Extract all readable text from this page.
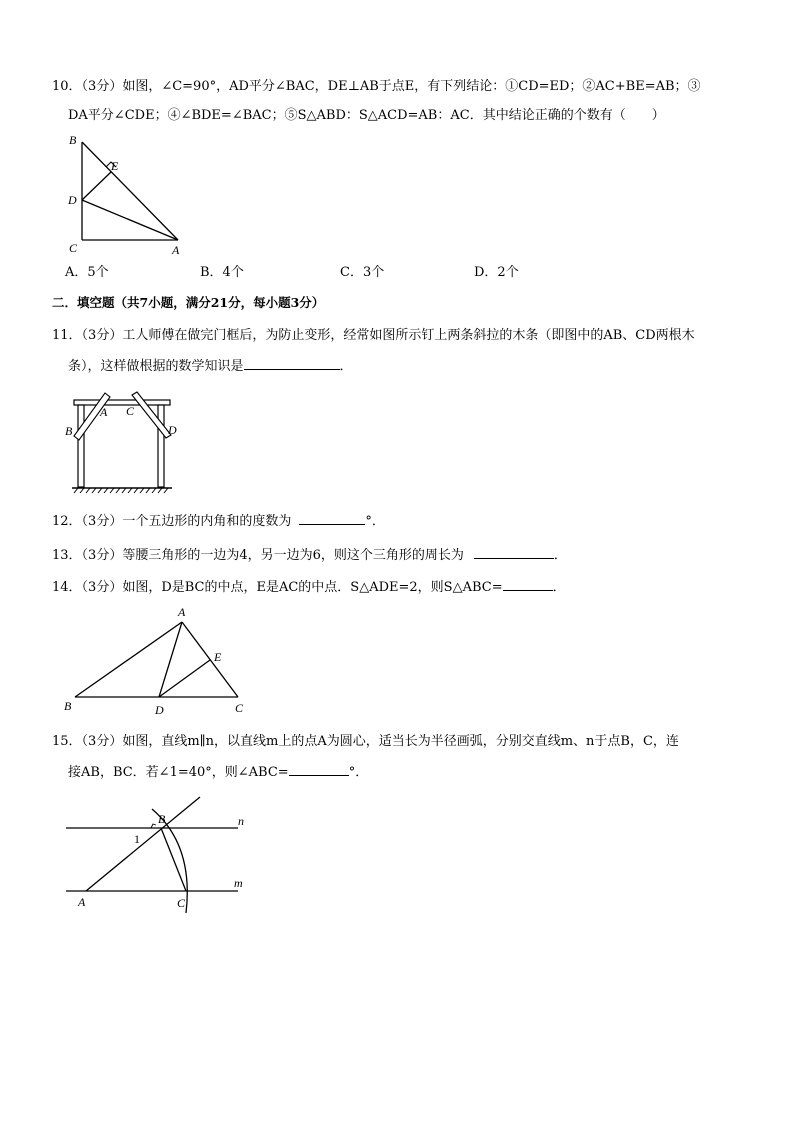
10．（3分）如图，∠C=90°，AD平分∠BAC，DE⊥AB于点E，有下列结论：①CD=ED；②AC+BE=AB；③
DA平分∠CDE；④∠BDE=∠BAC；⑤S△ABD：S△ACD=AB：AC．其中结论正确的个数有（　　）
B
E
D
C	A
A．5个	B．4个	C．3个	D．2个
二．填空题（共7小题，满分21分，每小题3分）
11．（3分）工人师傅在做完门框后，为防止变形，经常如图所示钉上两条斜拉的木条（即图中的AB、CD两根木
条），这样做根据的数学知识是	．
A
B
C
D
12．（3分）一个五边形的内角和的度数为	°．
13．（3分）等腰三角形的一边为4，另一边为6，则这个三角形的周长为	．
14．（3分）如图，D是BC的中点，E是AC的中点．S△ADE=2，则S△ABC=	．
A
E
B	D	C
15．（3分）如图，直线m∥n，以直线m上的点A为圆心，适当长为半径画弧，分别交直线m、n于点B，C，连
接AB，BC．若∠1=40°，则∠ABC=	°．
B	n
1
m
A	C
